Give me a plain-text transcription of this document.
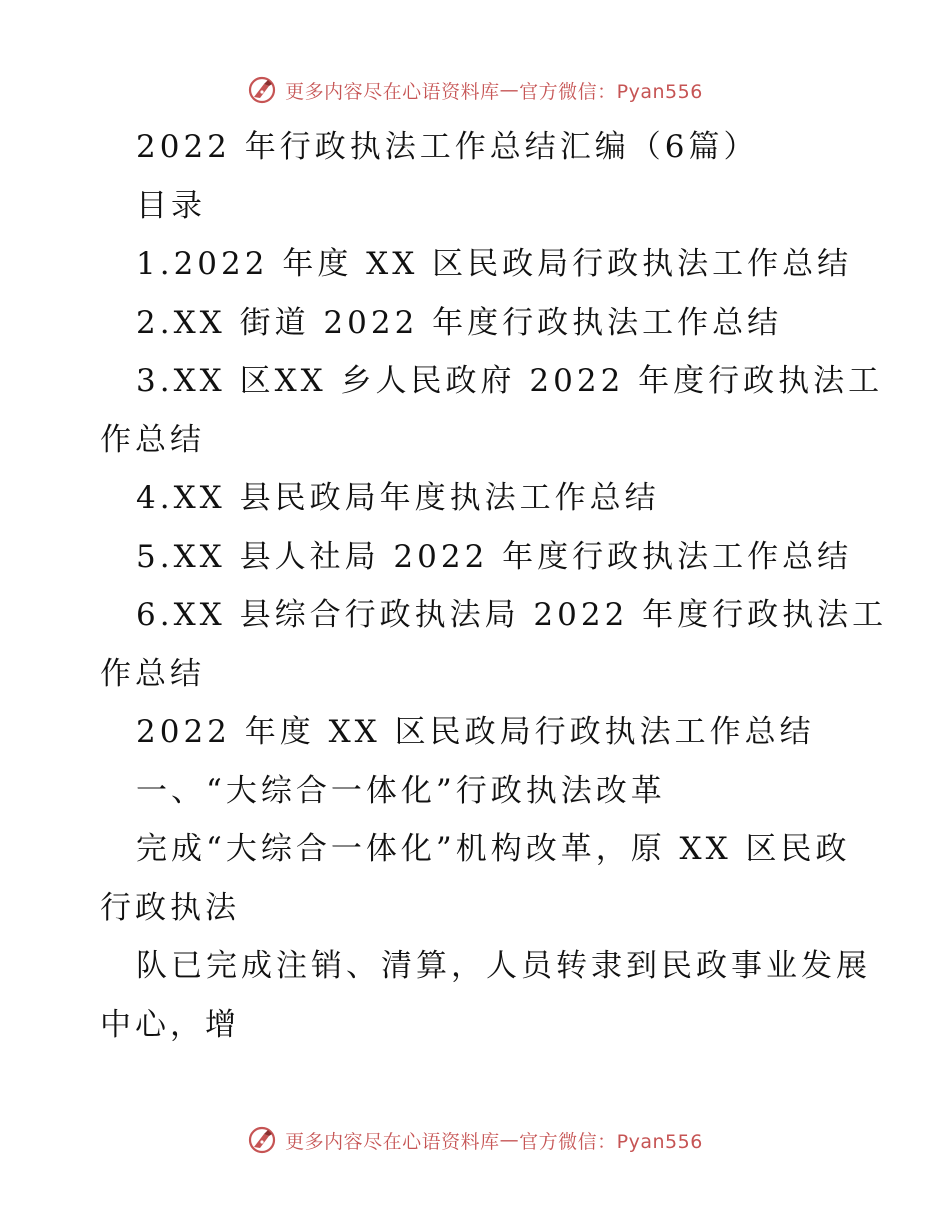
更多内容尽在心语资料库 — 官方微信：Pyan556

2022 年行政执法工作总结汇编（6篇）

目录

1.2022 年度 XX 区民政局行政执法工作总结

2.XX 街道 2022 年度行政执法工作总结

3.XX 区XX 乡人民政府 2022 年度行政执法工

作总结

4.XX 县民政局年度执法工作总结

5.XX 县人社局 2022 年度行政执法工作总结

6.XX 县综合行政执法局 2022 年度行政执法工

作总结

2022 年度 XX 区民政局行政执法工作总结

一、“大综合一体化”行政执法改革

完成“大综合一体化”机构改革，原 XX 区民政

行政执法

队已完成注销、清算，人员转隶到民政事业发展

中心，增

更多内容尽在心语资料库 — 官方微信：Pyan556
